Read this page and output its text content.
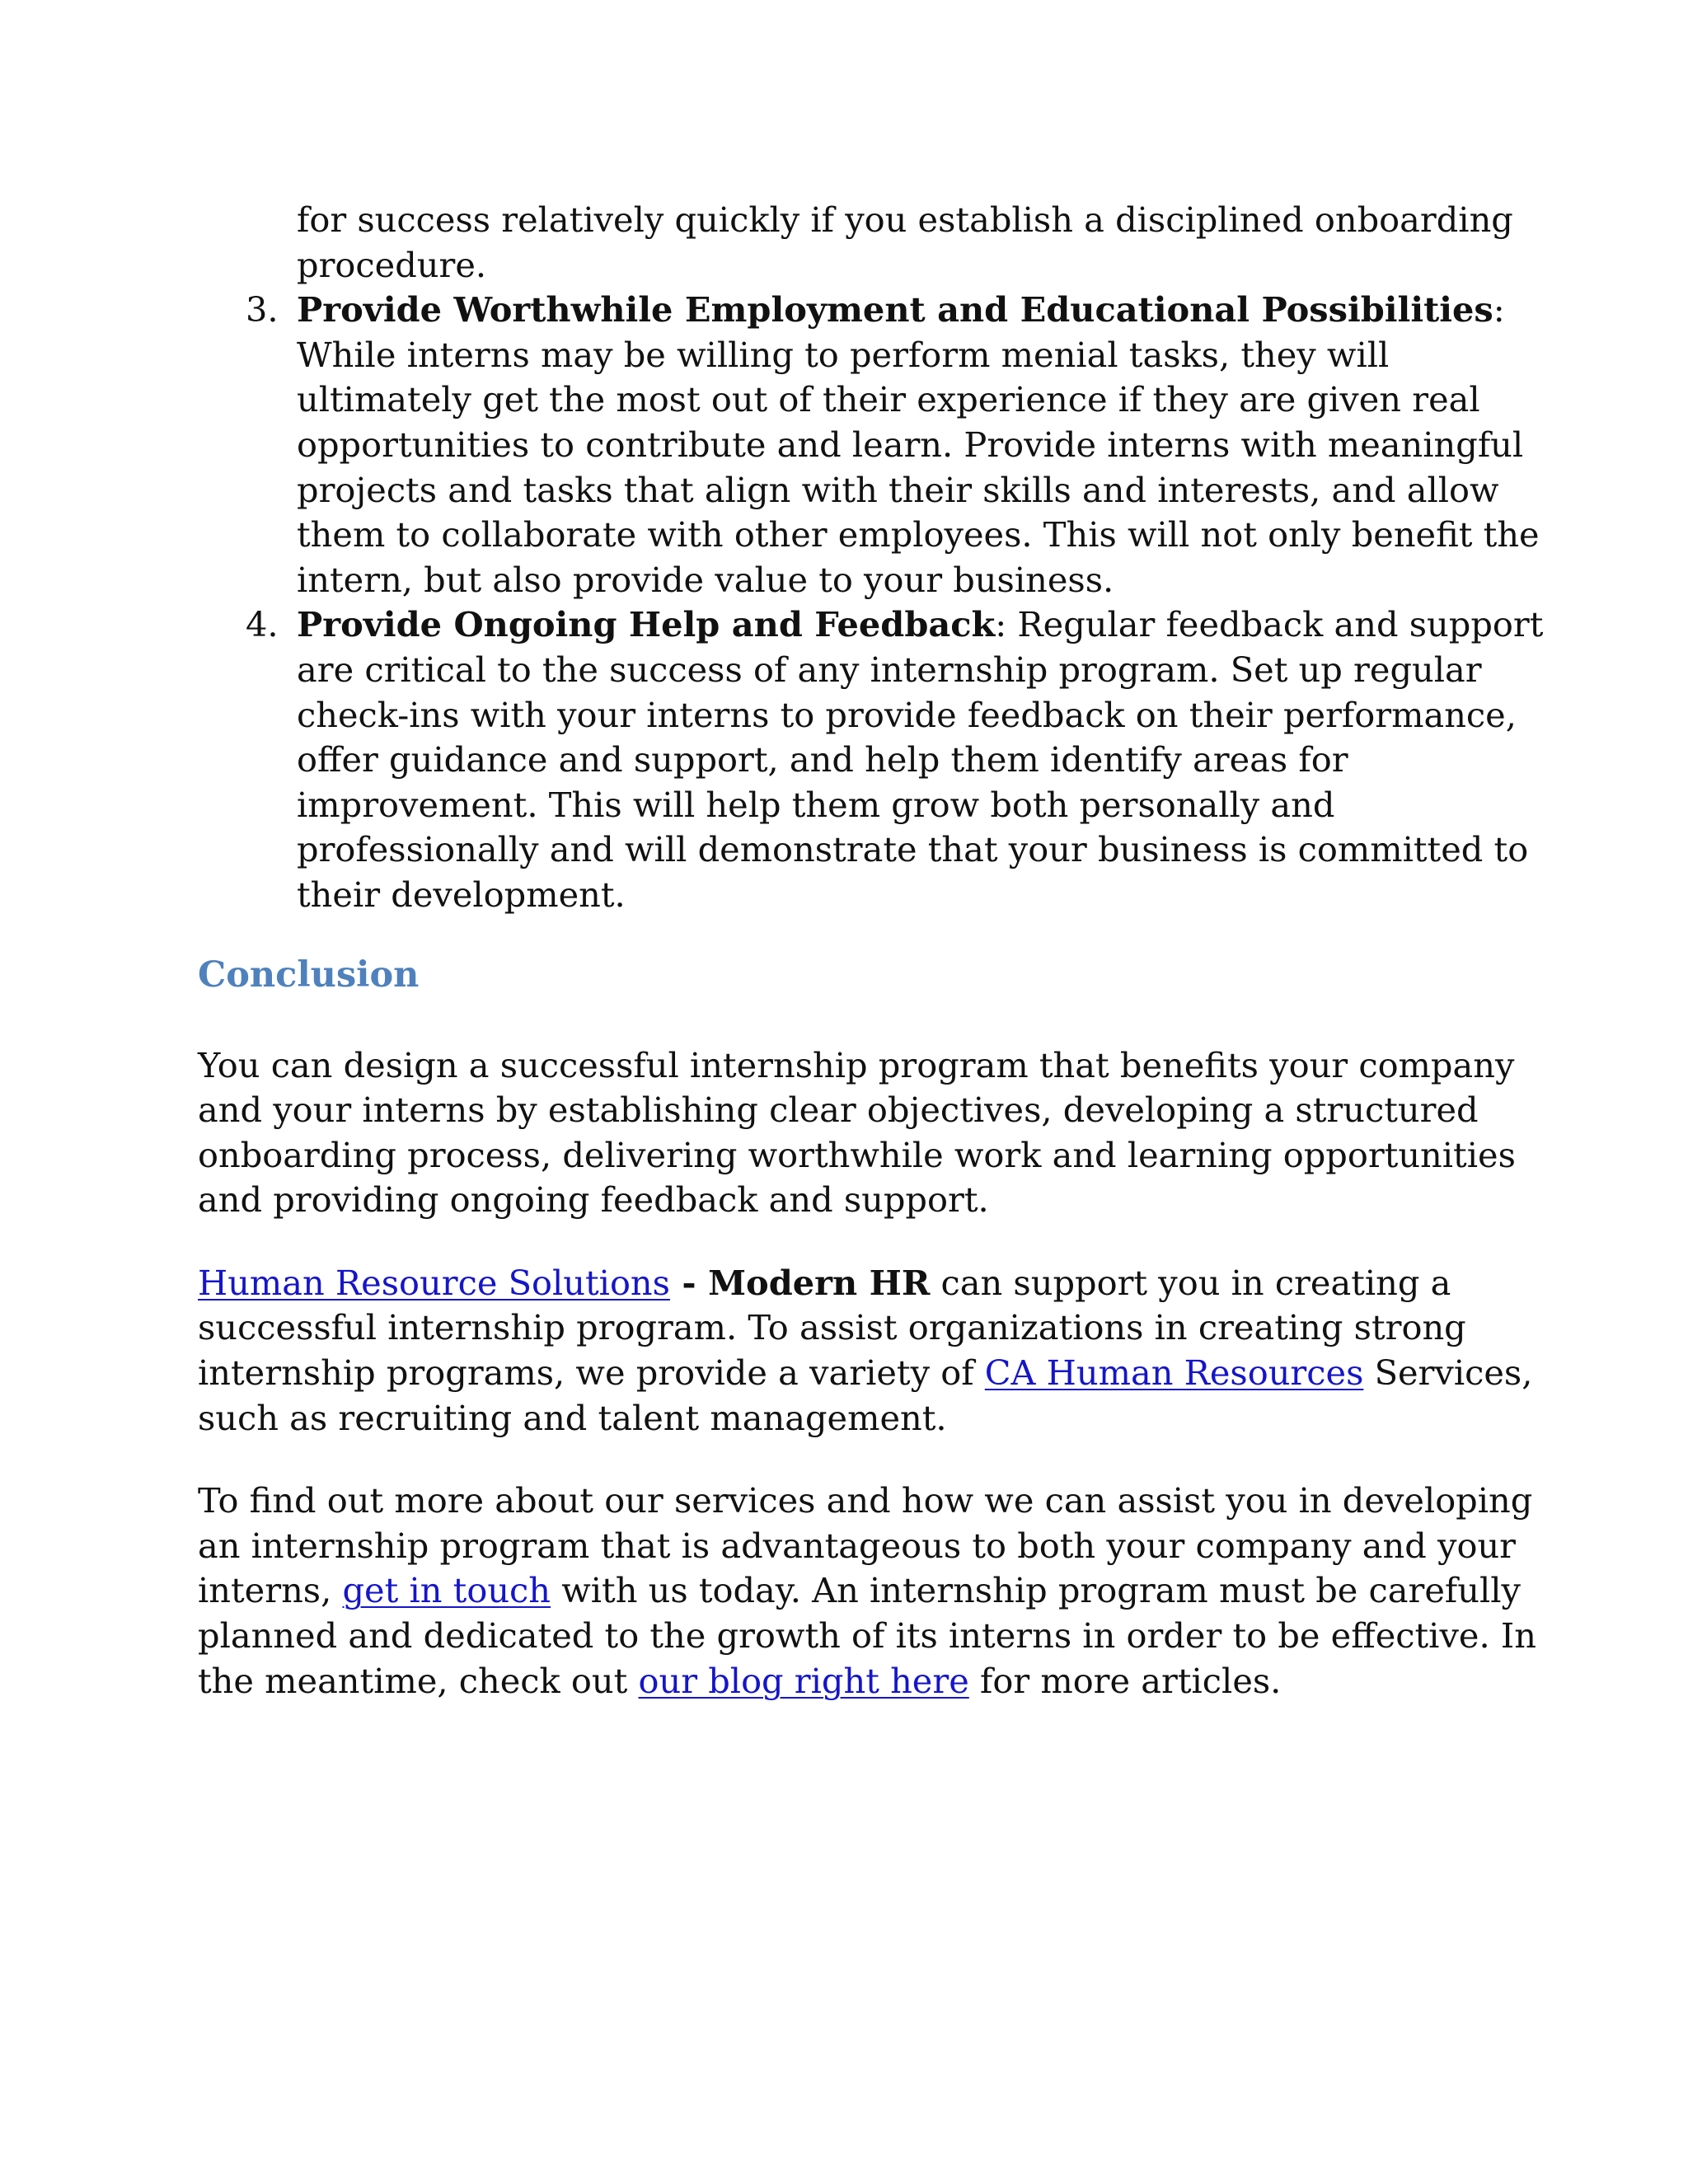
for success relatively quickly if you establish a disciplined onboarding

procedure.

3. Provide Worthwhile Employment and Educational Possibilities:

While interns may be willing to perform menial tasks, they will

ultimately get the most out of their experience if they are given real

opportunities to contribute and learn. Provide interns with meaningful

projects and tasks that align with their skills and interests, and allow

them to collaborate with other employees. This will not only benefit the

intern, but also provide value to your business.

4. Provide Ongoing Help and Feedback: Regular feedback and support

are critical to the success of any internship program. Set up regular

check-ins with your interns to provide feedback on their performance,

offer guidance and support, and help them identify areas for

improvement. This will help them grow both personally and

professionally and will demonstrate that your business is committed to

their development.

Conclusion

You can design a successful internship program that benefits your company

and your interns by establishing clear objectives, developing a structured

onboarding process, delivering worthwhile work and learning opportunities

and providing ongoing feedback and support.

Human Resource Solutions - Modern HR can support you in creating a

successful internship program. To assist organizations in creating strong

internship programs, we provide a variety of CA Human Resources Services,

such as recruiting and talent management.

To find out more about our services and how we can assist you in developing

an internship program that is advantageous to both your company and your

interns, get in touch with us today. An internship program must be carefully

planned and dedicated to the growth of its interns in order to be effective. In

the meantime, check out our blog right here for more articles.
